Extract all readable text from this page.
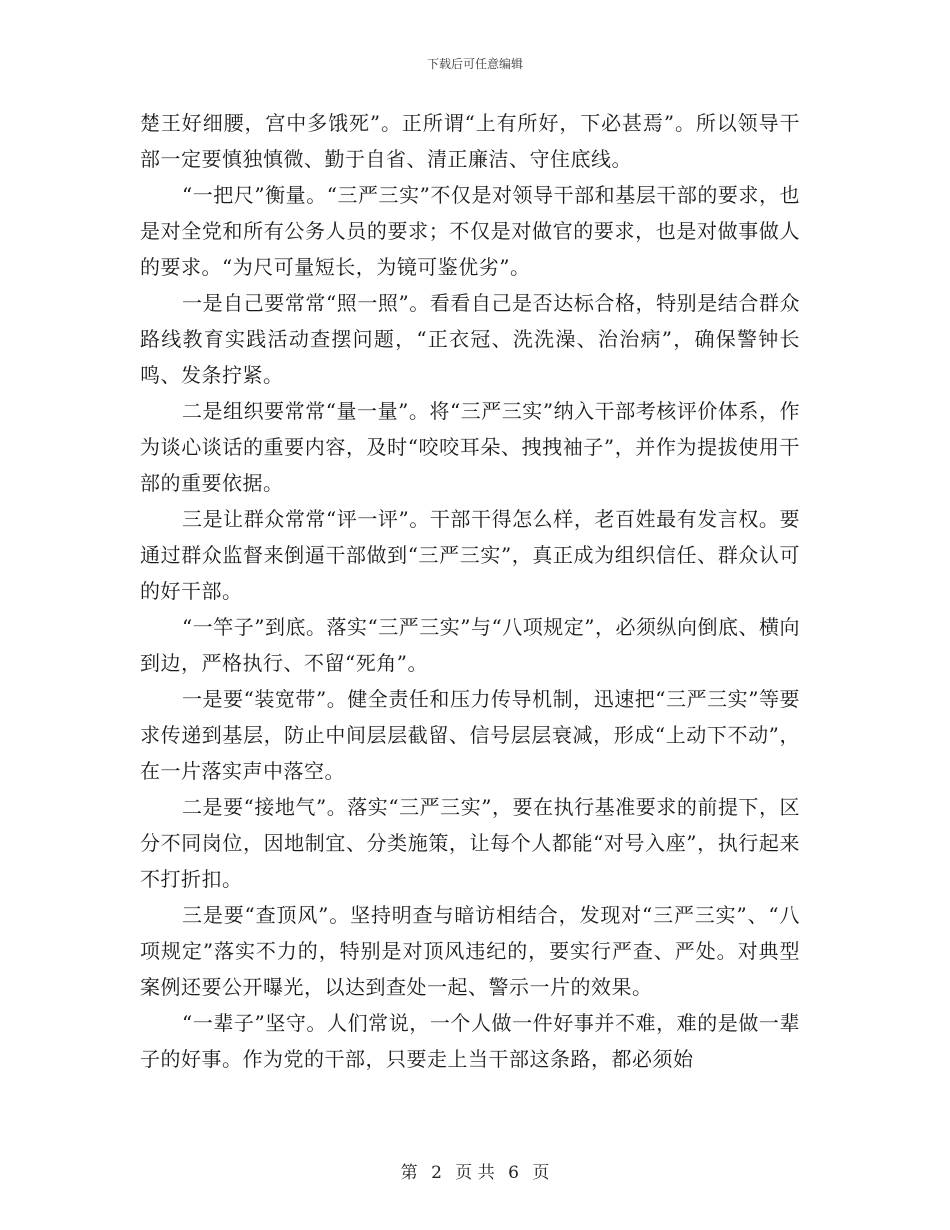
下载后可任意编辑

楚王好细腰，宫中多饿死”。正所谓“上有所好，下必甚焉”。所以领导干部一定要慎独慎微、勤于自省、清正廉洁、守住底线。

“一把尺”衡量。“三严三实”不仅是对领导干部和基层干部的要求，也是对全党和所有公务人员的要求；不仅是对做官的要求，也是对做事做人的要求。“为尺可量短长，为镜可鉴优劣”。

一是自己要常常“照一照”。看看自己是否达标合格，特别是结合群众路线教育实践活动查摆问题，“正衣冠、洗洗澡、治治病”，确保警钟长鸣、发条拧紧。

二是组织要常常“量一量”。将“三严三实”纳入干部考核评价体系，作为谈心谈话的重要内容，及时“咬咬耳朵、拽拽袖子”，并作为提拔使用干部的重要依据。

三是让群众常常“评一评”。干部干得怎么样，老百姓最有发言权。要通过群众监督来倒逼干部做到“三严三实”，真正成为组织信任、群众认可的好干部。

“一竿子”到底。落实“三严三实”与“八项规定”，必须纵向倒底、横向到边，严格执行、不留“死角”。

一是要“装宽带”。健全责任和压力传导机制，迅速把“三严三实”等要求传递到基层，防止中间层层截留、信号层层衰减，形成“上动下不动”，在一片落实声中落空。

二是要“接地气”。落实“三严三实”，要在执行基准要求的前提下，区分不同岗位，因地制宜、分类施策，让每个人都能“对号入座”，执行起来不打折扣。

三是要“查顶风”。坚持明查与暗访相结合，发现对“三严三实”、“八项规定”落实不力的，特别是对顶风违纪的，要实行严查、严处。对典型案例还要公开曝光，以达到查处一起、警示一片的效果。

“一辈子”坚守。人们常说，一个人做一件好事并不难，难的是做一辈子的好事。作为党的干部，只要走上当干部这条路，都必须始

第 2 页 共 6 页
